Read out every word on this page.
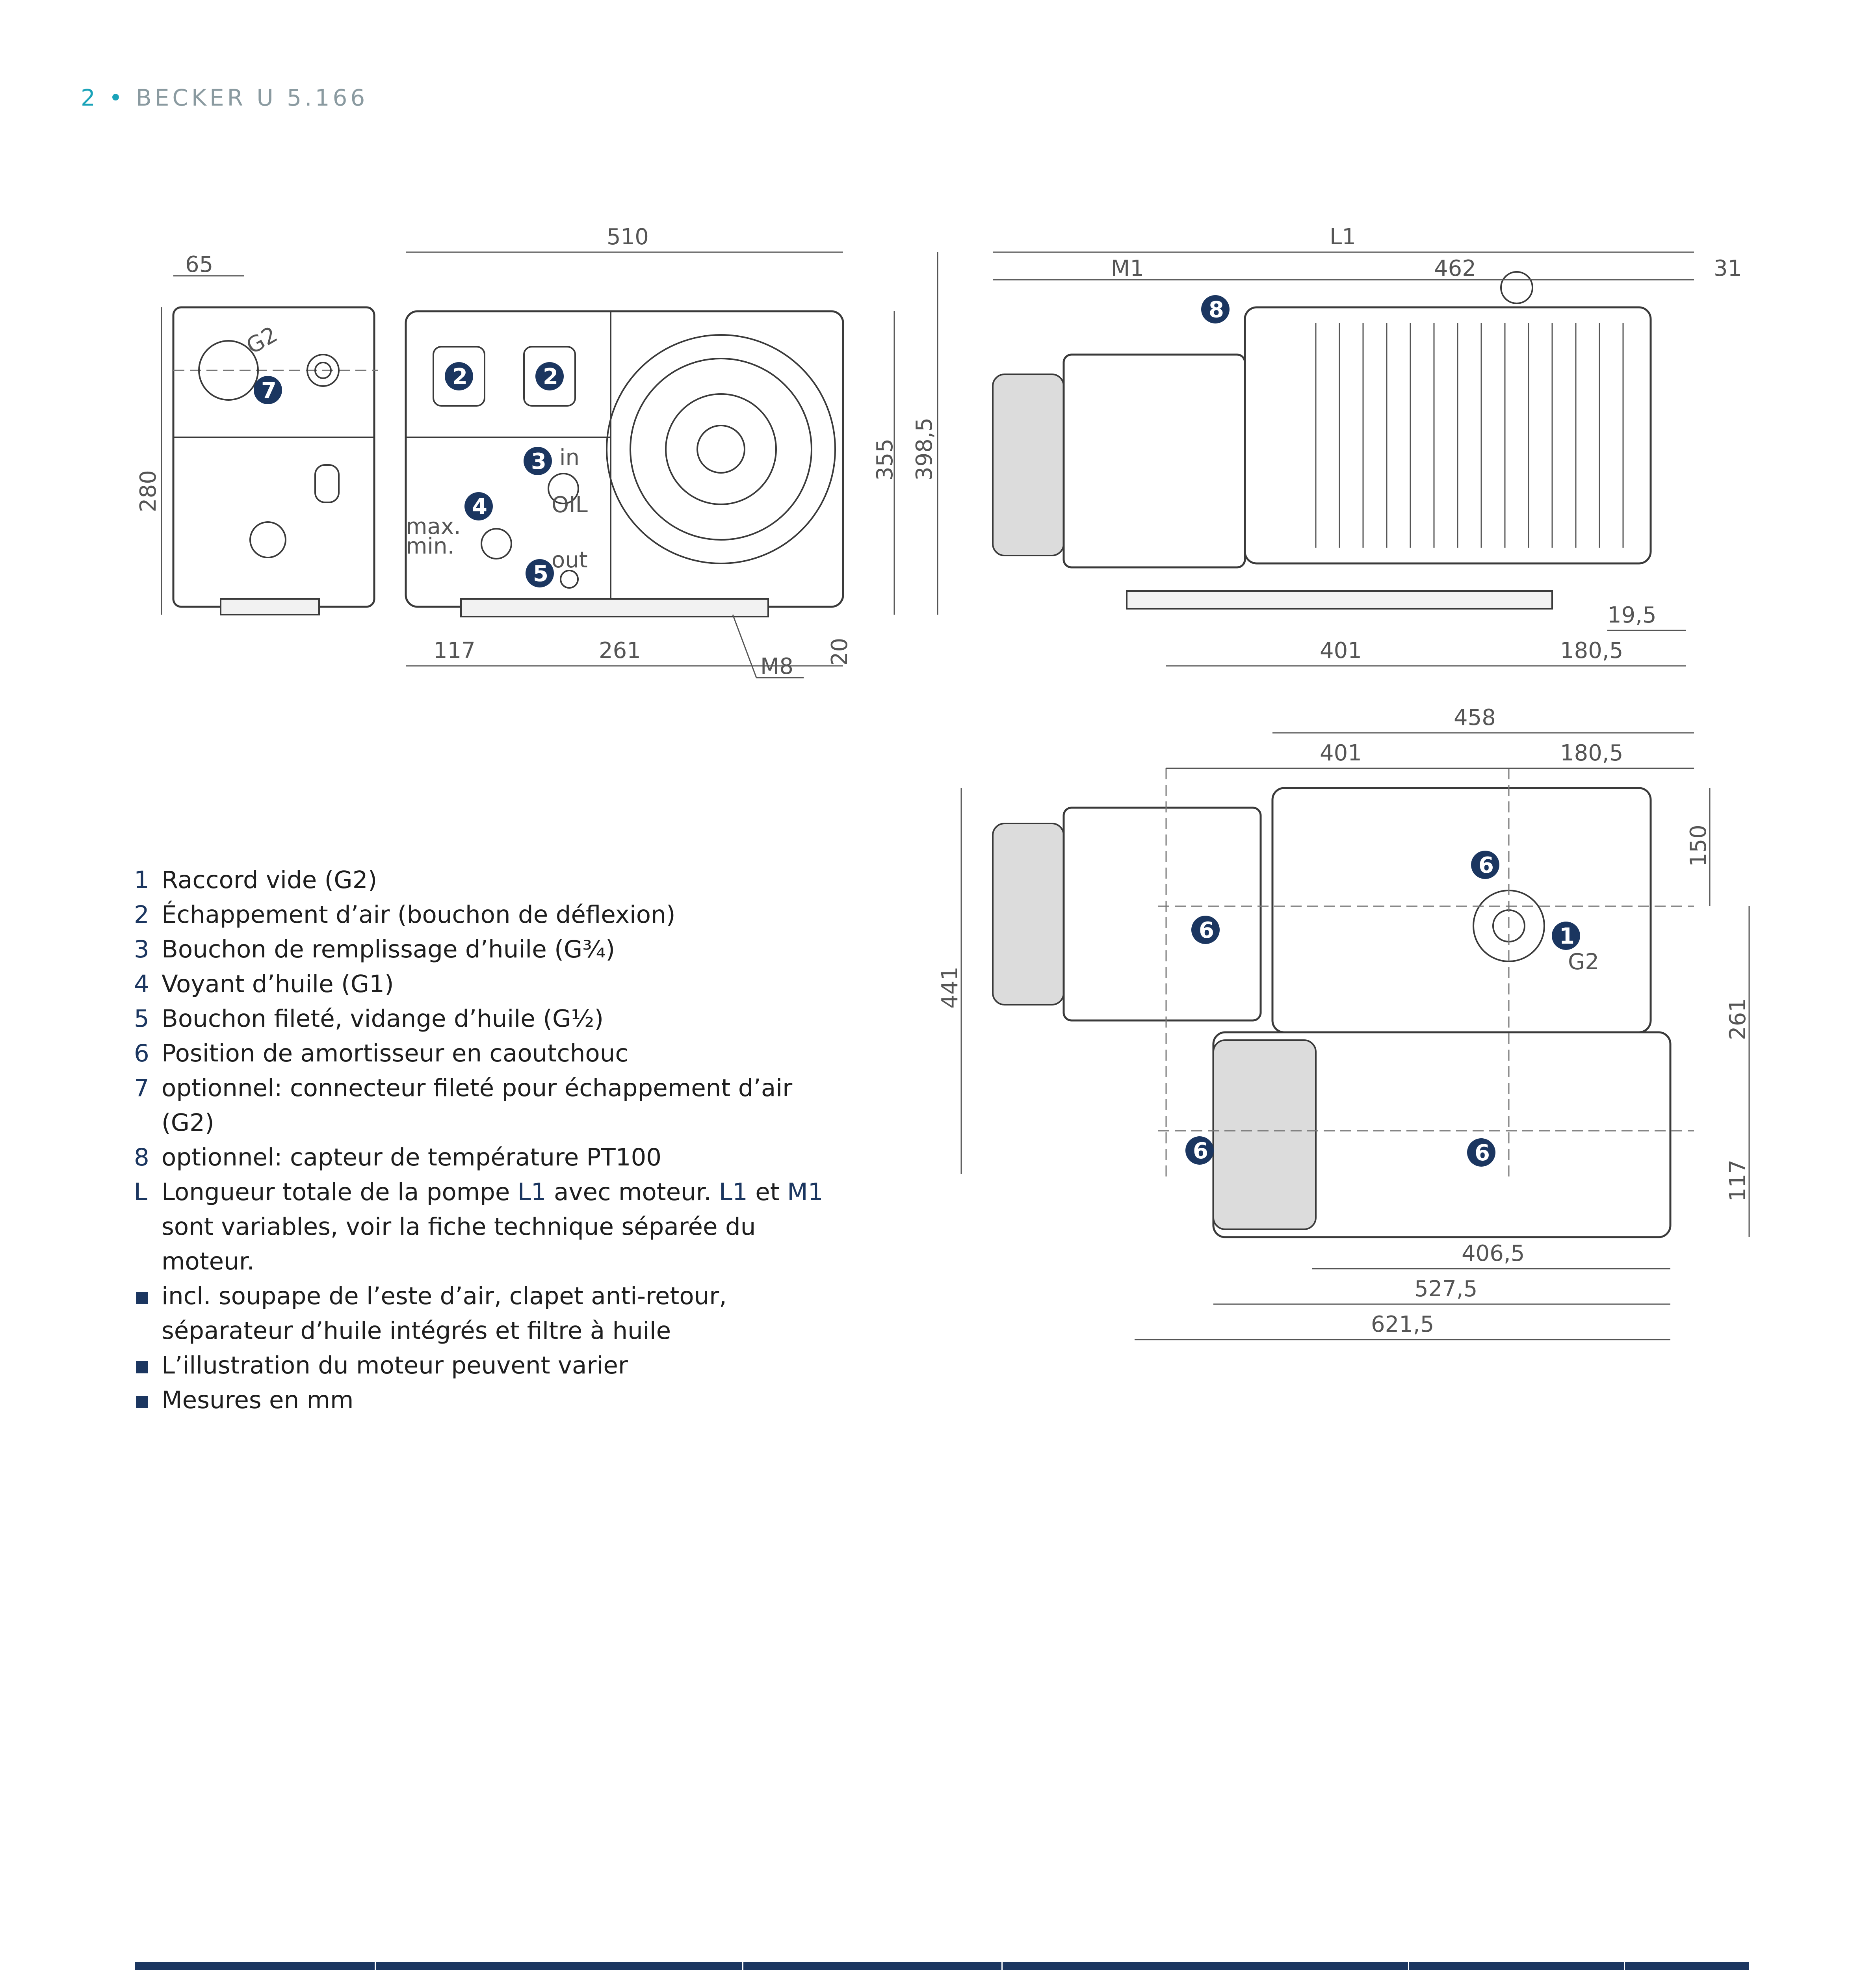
2 • BECKER U 5.166
65
280
G2
7
2	2
3 in
OIL
4
max.
min.
5
out
510
355 398,5
117	261	20
M8
8
L1
M1	462	31
19,5
401	180,5
6
6
6	6
1
G2
458
401	180,5
150
261
117
441
406,5
527,5
621,5
1 Raccord vide (G2)
2 Échappement d’air (bouchon de déflexion)
3 Bouchon de remplissage d’huile (G¾)
4 Voyant d’huile (G1)
5 Bouchon fileté, vidange d’huile (G½)
6 Position de amortisseur en caoutchouc
7 optionnel: connecteur fileté pour échappement d’air (G2)
8 optionnel: capteur de température PT100
L Longueur totale de la pompe L1 avec moteur. L1 et M1
sont variables, voir la fiche technique séparée du moteur.
▪ incl. soupape de l’este d’air, clapet anti-retour,
séparateur d’huile intégrés et filtre à huile
▪ L’illustration du moteur peuvent varier
▪ Mesures en mm
